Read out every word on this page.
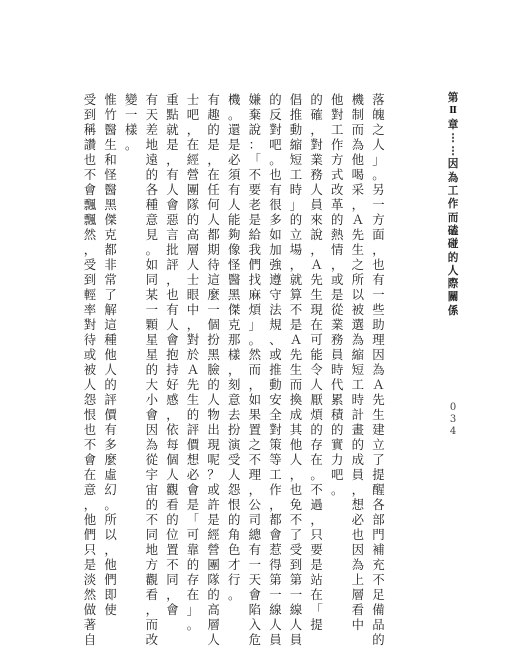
落
魄
之
人
」
。
另
一
方
面
，
也
有
一
些
助
理
因
為
Ａ
先
生
建
立
了
提
醒
各
部
門
補
充
不
足
備
品
的
機
制
而
為
他
喝
采
，
Ａ
先
生
之
所
以
被
選
為
縮
短
工
時
計
畫
的
成
員
，
想
必
也
因
為
上
層
看
中
他
對
工
作
方
式
改
革
的
熱
情
，
或
是
從
業
務
員
時
代
累
積
的
實
力
吧
。
的
確
，
對
業
務
人
員
來
說
，
Ａ
先
生
現
在
可
能
令
人
厭
煩
的
存
在
。
不
過
，
只
要
是
站
在
「
提
倡
推
動
縮
短
工
時
」
的
立
場
，
就
算
不
是
Ａ
先
生
而
換
成
其
他
人
，
也
免
不
了
受
到
第
一
線
人
員
的
反
對
吧
。
也
有
很
多
如
加
強
遵
守
法
規
、
或
推
動
安
全
對
策
等
工
作
，
都
會
惹
得
第
一
線
人
員
嫌
棄
說
：
「
不
要
老
是
給
我
們
找
麻
煩
」
。
然
而
，
如
果
置
之
不
理
，
公
司
總
有
一
天
會
陷
入
危
機
。
還
是
必
須
有
人
能
夠
像
怪
醫
黑
傑
克
那
樣
，
刻
意
去
扮
演
受
人
怨
恨
的
角
色
才
行
。
有
趣
的
是
，
在
任
何
人
都
期
待
這
麼
一
個
扮
黑
臉
的
人
物
出
現
呢
？
或
許
是
經
營
團
隊
的
高
層
人
士
吧
，
在
經
營
團
隊
的
高
層
人
士
眼
中
，
對
於
Ａ
先
生
的
評
價
想
必
會
是
「
可
靠
的
存
在
」
。
重
點
就
是
，
有
人
會
惡
言
批
評
，
也
有
人
會
抱
持
好
感
，
依
每
個
人
觀
看
的
位
置
不
同
，
會
有
天
差
地
遠
的
各
種
意
見
。
如
同
某
一
顆
星
星
的
大
小
會
因
為
從
宇
宙
的
不
同
地
方
觀
看
，
而
改
變
一
樣
。
惟
竹
醫
生
和
怪
醫
黑
傑
克
都
非
常
了
解
這
種
他
人
的
評
價
有
多
麼
虛
幻
。
所
以
，
他
們
即
使
受
到
稱
讚
也
不
會
飄
飄
然
，
受
到
輕
率
對
待
或
被
人
怨
恨
也
不
會
在
意
，
他
們
只
是
淡
然
做
著
自
第
Ⅱ
章
⋮
⋮
因
為
工
作
而
磕
碰
的
人
際
關
係
0
3
4
